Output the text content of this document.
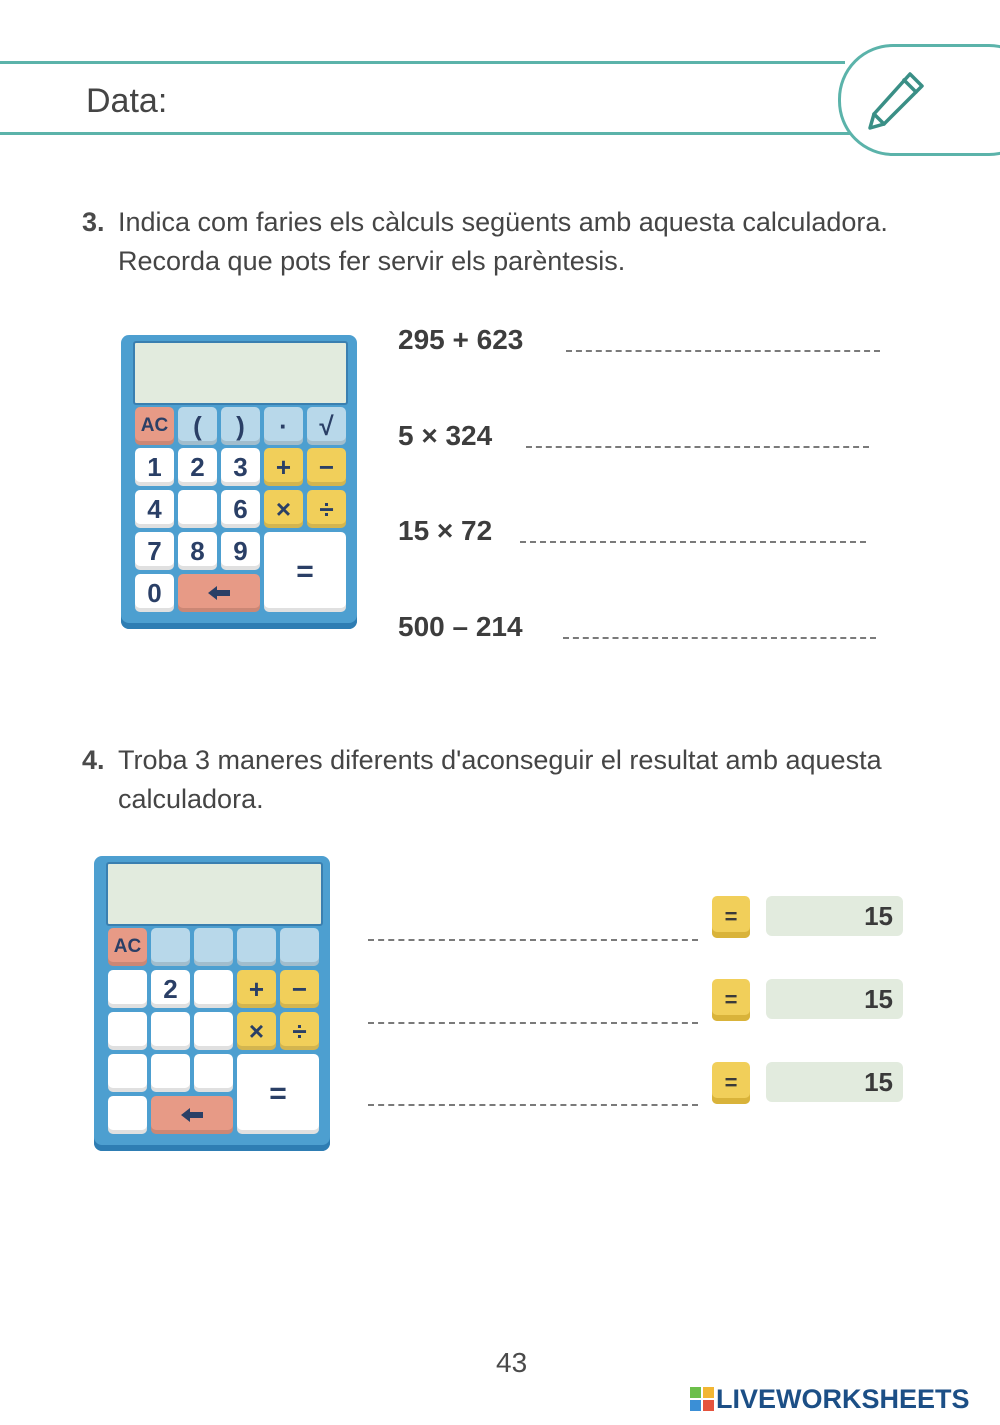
Data:
3. Indica com faries els càlculs següents amb aquesta calculadora.
Recorda que pots fer servir els parèntesis.
AC (	)	·	√
1	2	3	+	−
4	6	×	÷
7	8	9
=
0
295 + 623
5 × 324
15 × 72
500 – 214
4. Troba 3 maneres diferents d'aconseguir el resultat amb aquesta
calculadora.
AC
2	+	−
×	÷
=
=	15
=	15
=	15
43
LIVEWORKSHEETS
